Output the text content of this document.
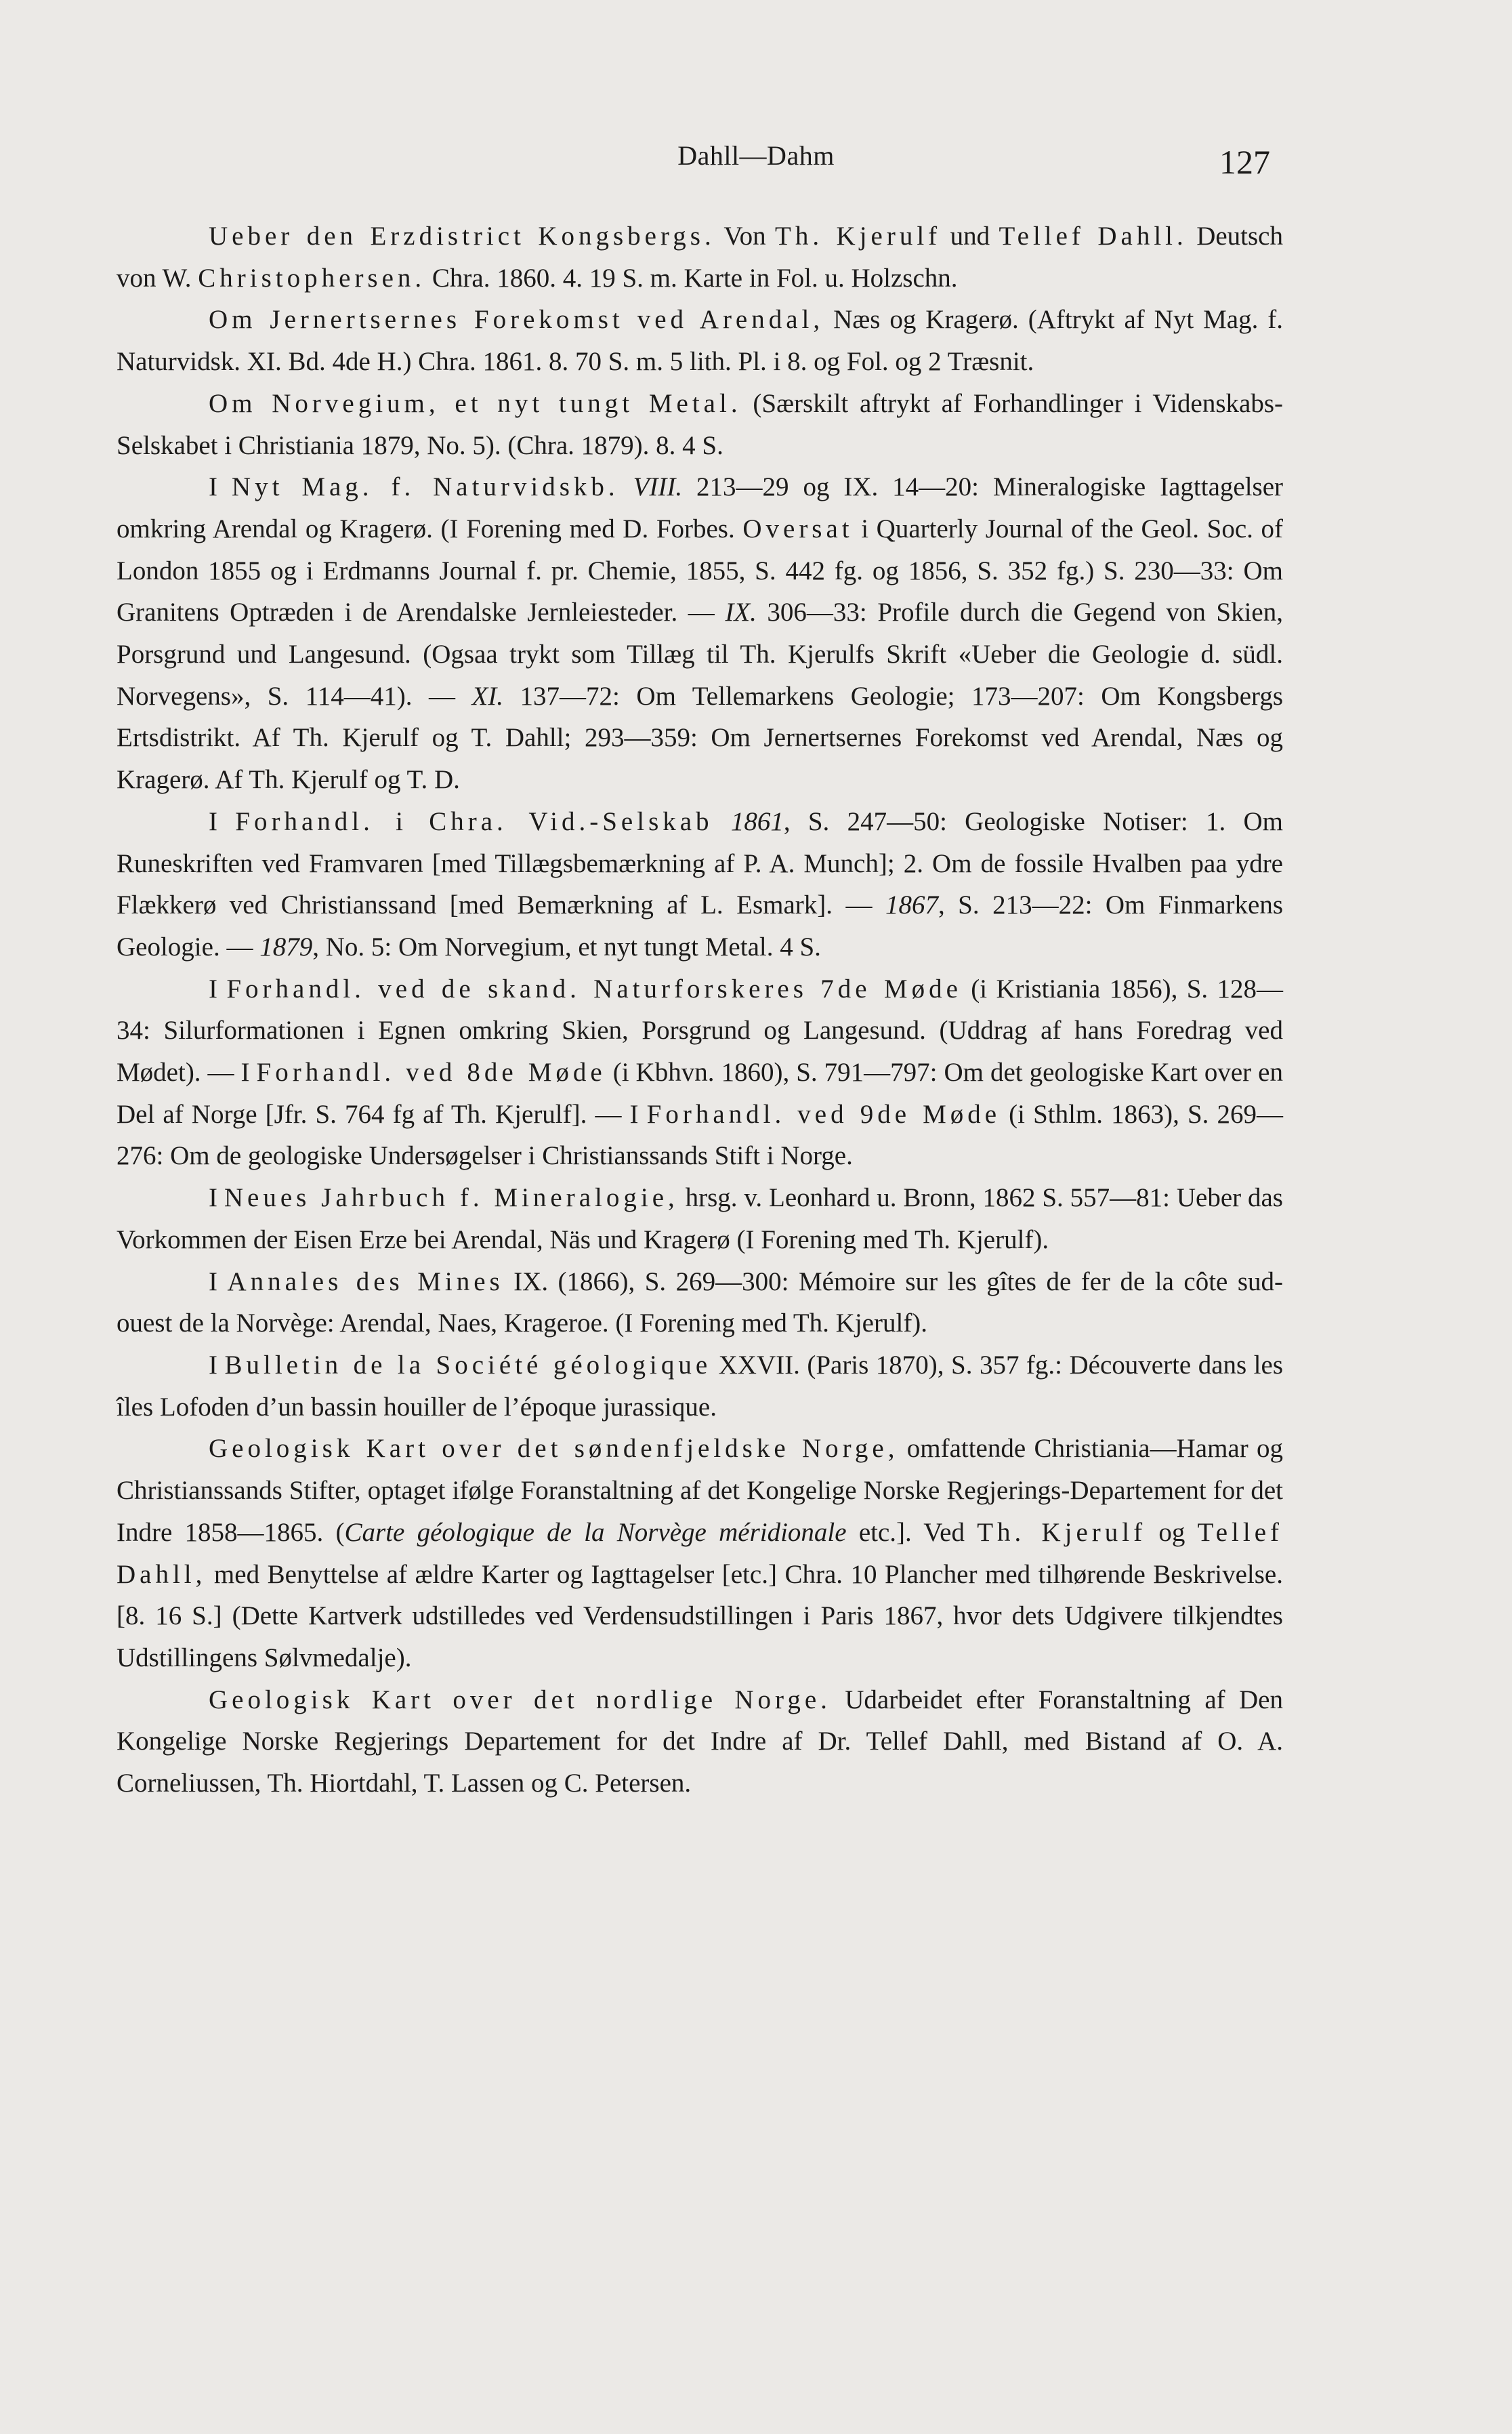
Dahll—Dahm	127

Ueber den Erzdistrict Kongsbergs. Von Th. Kjerulf und Tellef Dahll. Deutsch von W. Christophersen. Chra. 1860. 4. 19 S. m. Karte in Fol. u. Holzschn.

Om Jernertsernes Forekomst ved Arendal, Næs og Kragerø. (Aftrykt af Nyt Mag. f. Naturvidsk. XI. Bd. 4de H.) Chra. 1861. 8. 70 S. m. 5 lith. Pl. i 8. og Fol. og 2 Træsnit.

Om Norvegium, et nyt tungt Metal. (Særskilt aftrykt af Forhandlinger i Videnskabs-Selskabet i Christiania 1879, No. 5). (Chra. 1879). 8. 4 S.

I Nyt Mag. f. Naturvidskb. VIII. 213—29 og IX. 14—20: Mineralogiske Iagttagelser omkring Arendal og Kragerø. (I Forening med D. Forbes. Oversat i Quarterly Journal of the Geol. Soc. of London 1855 og i Erdmanns Journal f. pr. Chemie, 1855, S. 442 fg. og 1856, S. 352 fg.) S. 230—33: Om Granitens Optræden i de Arendalske Jernleiesteder. — IX. 306—33: Profile durch die Gegend von Skien, Porsgrund und Langesund. (Ogsaa trykt som Tillæg til Th. Kjerulfs Skrift «Ueber die Geologie d. südl. Norvegens», S. 114—41). — XI. 137—72: Om Tellemarkens Geologie; 173—207: Om Kongsbergs Ertsdistrikt. Af Th. Kjerulf og T. Dahll; 293—359: Om Jernertsernes Forekomst ved Arendal, Næs og Kragerø. Af Th. Kjerulf og T. D.

I Forhandl. i Chra. Vid.-Selskab 1861, S. 247—50: Geologiske Notiser: 1. Om Runeskriften ved Framvaren [med Tillægsbemærkning af P. A. Munch]; 2. Om de fossile Hvalben paa ydre Flækkerø ved Christianssand [med Bemærkning af L. Esmark]. — 1867, S. 213—22: Om Finmarkens Geologie. — 1879, No. 5: Om Norvegium, et nyt tungt Metal. 4 S.

I Forhandl. ved de skand. Naturforskeres 7de Møde (i Kristiania 1856), S. 128—34: Silurformationen i Egnen omkring Skien, Porsgrund og Langesund. (Uddrag af hans Foredrag ved Mødet). — I Forhandl. ved 8de Møde (i Kbhvn. 1860), S. 791—797: Om det geologiske Kart over en Del af Norge [Jfr. S. 764 fg af Th. Kjerulf]. — I Forhandl. ved 9de Møde (i Sthlm. 1863), S. 269—276: Om de geologiske Undersøgelser i Christianssands Stift i Norge.

I Neues Jahrbuch f. Mineralogie, hrsg. v. Leonhard u. Bronn, 1862 S. 557—81: Ueber das Vorkommen der Eisen Erze bei Arendal, Näs und Kragerø (I Forening med Th. Kjerulf).

I Annales des Mines IX. (1866), S. 269—300: Mémoire sur les gîtes de fer de la côte sud-ouest de la Norvège: Arendal, Naes, Krageroe. (I Forening med Th. Kjerulf).

I Bulletin de la Société géologique XXVII. (Paris 1870), S. 357 fg.: Découverte dans les îles Lofoden d’un bassin houiller de l’époque jurassique.

Geologisk Kart over det søndenfjeldske Norge, omfattende Christiania—Hamar og Christianssands Stifter, optaget ifølge Foranstaltning af det Kongelige Norske Regjerings-Departement for det Indre 1858—1865. (Carte géologique de la Norvège méridionale etc.]. Ved Th. Kjerulf og Tellef Dahll, med Benyttelse af ældre Karter og Iagttagelser [etc.] Chra. 10 Plancher med tilhørende Beskrivelse. [8. 16 S.] (Dette Kartverk udstilledes ved Verdensudstillingen i Paris 1867, hvor dets Udgivere tilkjendtes Udstillingens Sølvmedalje).

Geologisk Kart over det nordlige Norge. Udarbeidet efter Foranstaltning af Den Kongelige Norske Regjerings Departement for det Indre af Dr. Tellef Dahll, med Bistand af O. A. Corneliussen, Th. Hiortdahl, T. Lassen og C. Petersen.
